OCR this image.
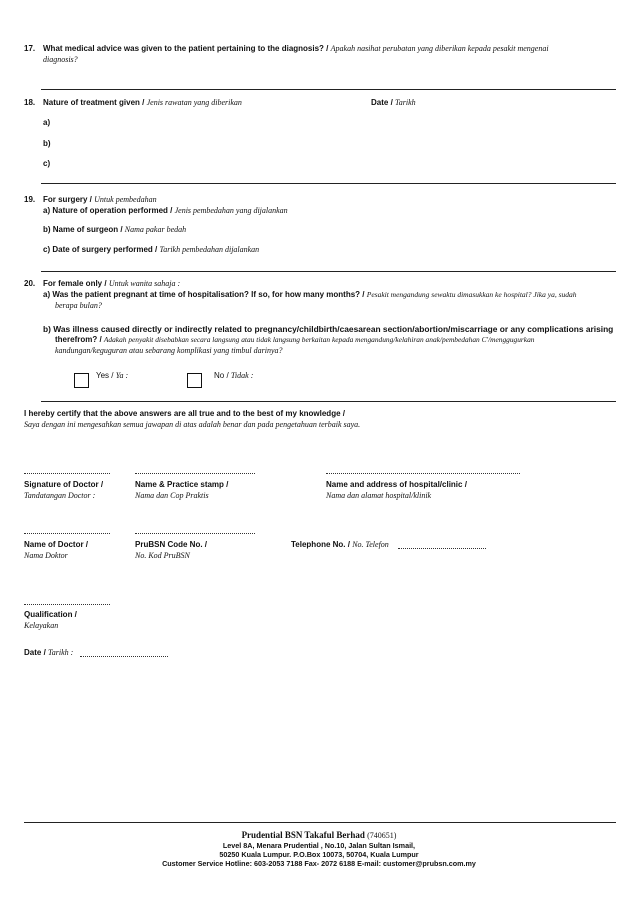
17. What medical advice was given to the patient pertaining to the diagnosis? / Apakah nasihat perubatan yang diberikan kepada pesakit mengenai
diagnosis?
18. Nature of treatment given / Jenis rawatan yang diberikan	Date / Tarikh
a)
b)
c)
19. For surgery / Untuk pembedahan
a) Nature of operation performed / Jenis pembedahan yang dijalankan
b) Name of surgeon / Nama pakar bedah
c) Date of surgery performed / Tarikh pembedahan dijalankan
20. For female only / Untuk wanita sahaja :
a) Was the patient pregnant at time of hospitalisation? If so, for how many months? / Pesakit mengandung sewaktu dimasukkan ke hospital? Jika ya, sudah
berapa bulan?
b) Was illness caused directly or indirectly related to pregnancy/childbirth/caesarean section/abortion/miscarriage or any complications arising
therefrom? / Adakah penyakit disebabkan secara langsung atau tidak langsung berkaitan kepada mengandung/kelahiran anak/pembedahan C'/menggugurkan
kandungan/keguguran atau sebarang komplikasi yang timbul darinya?
Yes / Ya :	No / Tidak :
I hereby certify that the above answers are all true and to the best of my knowledge /
Saya dengan ini mengesahkan semua jawapan di atas adalah benar dan pada pengetahuan terbaik saya.
Signature of Doctor /
Tandatangan Doctor :
Name & Practice stamp /
Nama dan Cop Praktis
Name and address of hospital/clinic /
Nama dan alamat hospital/klinik
Name of Doctor /
Nama Doktor
PruBSN Code No. /
No. Kod PruBSN
Telephone No. / No. Telefon
Qualification /
Kelayakan
Date / Tarikh :
Prudential BSN Takaful Berhad (740651)
Level 8A, Menara Prudential , No.10, Jalan Sultan Ismail,
50250 Kuala Lumpur. P.O.Box 10073, 50704, Kuala Lumpur
Customer Service Hotline: 603-2053 7188 Fax- 2072 6188 E-mail: customer@prubsn.com.my
